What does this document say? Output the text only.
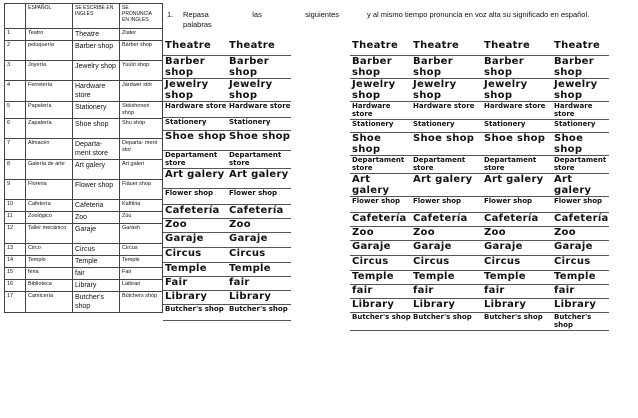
	ESPAÑOL	SE ESCRIBE EN INGLES	SE PRONUNCIA EN INGLES
1	Teatro	Theatre	Ziater
2	peluquería	Barber shop	Bárber shop
3	Joyería	Jewelry shop	Yuúlri shop
4	Ferretería	Hardware store	Járdwer stór
5	Papelería	Stationery	Stéishoneri shóp
6	Zapatería	Shoe shop	Shu shóp
7	Almacén	Departa- ment store	Departa- ment stor
8	Galería de arte	Art galery	Art galeri
9	Floreria	Flower shop	Fláuer shop
10	Cafetería	Cafeteria	Kafitiria
11	Zoológico	Zoo	Zúu
12	Taller mecánico	Garaje	Garásh
13	Circo	Circus	Circus
14	Templo	Temple	Temple
15	feria	fair	Fair
16	Biblioteca	Library	Láibrari
17	Camicería	Butcher's shop	Bútchers shóp
1.	Repasa las siguientes
palabras
y al mismo tiempo pronuncia en voz alta su significado en español.
Theatre	Theatre
Barber shop	Barber shop
Jewelry shop	Jewelry shop
Hardware store	Hardware store
Stationery	Stationery
Shoe shop	Shoe shop
Departament store	Departament store
Art galery	Art galery
Flower shop	Flower shop
Cafetería	Cafetería
Zoo	Zoo
Garaje	Garaje
Circus	Circus
Temple	Temple
Fair	fair
Library	Library
Butcher's shop	Butcher's shop
Theatre	Theatre	Theatre	Theatre
Barber shop	Barber shop	Barber shop	Barber shop
Jewelry shop	Jewelry shop	Jewelry shop	Jewelry shop
Hardware store	Hardware store	Hardware store	Hardware store
Stationery	Stationery	Stationery	Stationery
Shoe shop	Shoe shop	Shoe shop	Shoe shop
Departament store	Departament store	Departament store	Departament store
Art galery	Art galery	Art galery	Art galery
Flower shop	Flower shop	Flower shop	Flower shop
Cafetería	Cafetería	Cafetería	Cafetería
Zoo	Zoo	Zoo	Zoo
Garaje	Garaje	Garaje	Garaje
Circus	Circus	Circus	Circus
Temple	Temple	Temple	Temple
fair	fair	fair	fair
Library	Library	Library	Library
Butcher's shop	Butcher's shop	Butcher's shop	Butcher's shop
